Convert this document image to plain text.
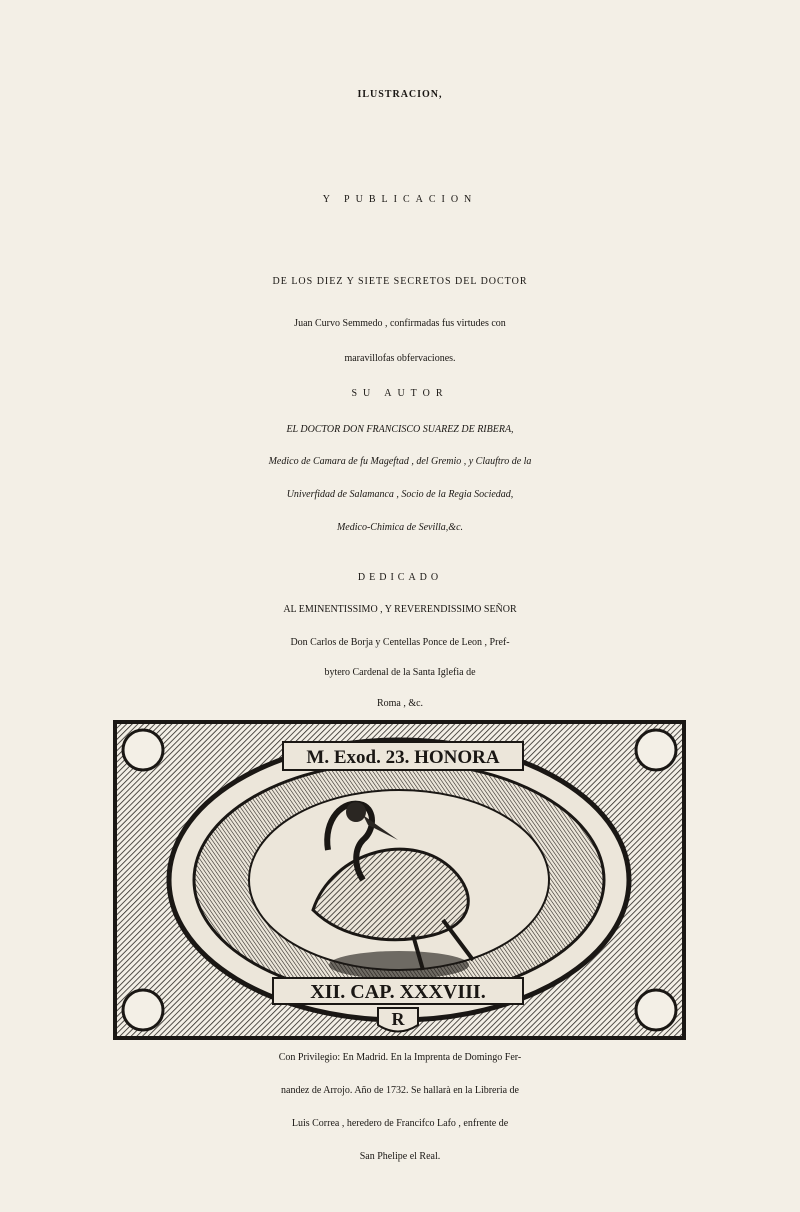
ILUSTRACION,
Y PUBLICACION
DE LOS DIEZ Y SIETE SECRETOS DEL DOCTOR
Juan Curvo Semmedo , confirmadas fus virtudes con
maravillofas obfervaciones.
SU AUTOR
EL DOCTOR DON FRANCISCO SUAREZ DE RIBERA,
Medico de Camara de fu Mageftad , del Gremio , y Clauftro de la
Univerfidad de Salamanca , Socio de la Regia Sociedad,
Medico-Chimica de Sevilla,&c.
DEDICADO
AL EMINENTISSIMO , Y REVERENDISSIMO SEÑOR
Don Carlos de Borja y Centellas Ponce de Leon , Pref-
bytero Cardenal de la Santa Iglefia de
Roma , &c.
M. Exod. 23. HONORA
XII. CAP. XXXVIII.
R
Con Privilegio: En Madrid. En la Imprenta de Domingo Fer-
nandez de Arrojo. Año de 1732. Se hallarà en la Libreria de
Luis Correa , heredero de Francifco Lafo , enfrente de
San Phelipe el Real.
